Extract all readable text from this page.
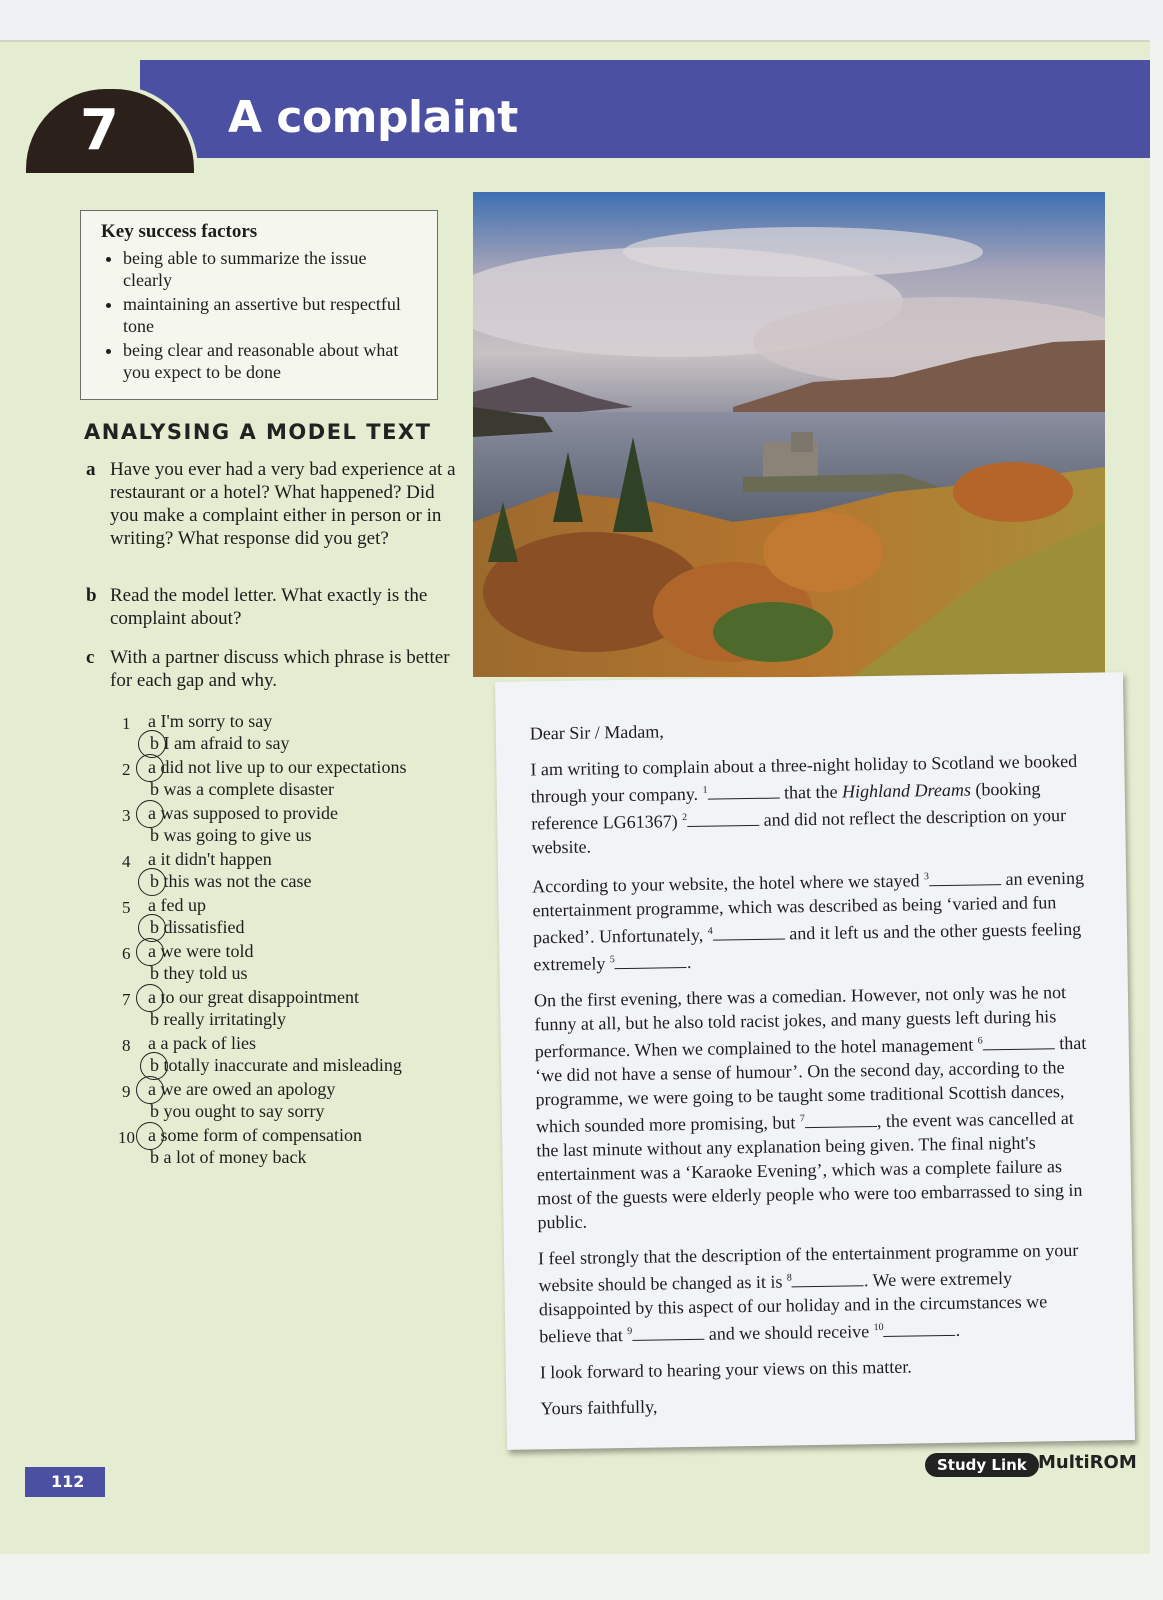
7 A complaint
Key success factors
• being able to summarize the issue clearly
• maintaining an assertive but respectful tone
• being clear and reasonable about what you expect to be done
ANALYSING A MODEL TEXT
a Have you ever had a very bad experience at a restaurant or a hotel? What happened? Did you make a complaint either in person or in writing? What response did you get?
b Read the model letter. What exactly is the complaint about?
c With a partner discuss which phrase is better for each gap and why.
1 a I'm sorry to say
b I am afraid to say
2 a did not live up to our expectations
b was a complete disaster
3 a was supposed to provide
b was going to give us
4 a it didn't happen
b this was not the case
5 a fed up
b dissatisfied
6 a we were told
b they told us
7 a to our great disappointment
b really irritatingly
8 a a pack of lies
b totally inaccurate and misleading
9 a we are owed an apology
b you ought to say sorry
10 a some form of compensation
b a lot of money back

Dear Sir / Madam,

I am writing to complain about a three-night holiday to Scotland we booked through your company. $^1$	that the Highland Dreams (booking reference LG61367) $^2$	and did not reflect the description on your website.

According to your website, the hotel where we stayed $^3$	an evening entertainment programme, which was described as being ‘varied and fun packed’. Unfortunately, $^4$	and it left us and the other guests feeling extremely $^5$	.

On the first evening, there was a comedian. However, not only was he not funny at all, but he also told racist jokes, and many guests left during his performance. When we complained to the hotel management $^6$	that ‘we did not have a sense of humour’. On the second day, according to the programme, we were going to be taught some traditional Scottish dances, which sounded more promising, but $^7$	, the event was cancelled at the last minute without any explanation being given. The final night's entertainment was a ‘Karaoke Evening’, which was a complete failure as most of the guests were elderly people who were too embarrassed to sing in public.

I feel strongly that the description of the entertainment programme on your website should be changed as it is $^8$	. We were extremely disappointed by this aspect of our holiday and in the circumstances we believe that $^9$	and we should receive $^{10}$	.

I look forward to hearing your views on this matter.

Yours faithfully,

112
Study Link MultiROM
